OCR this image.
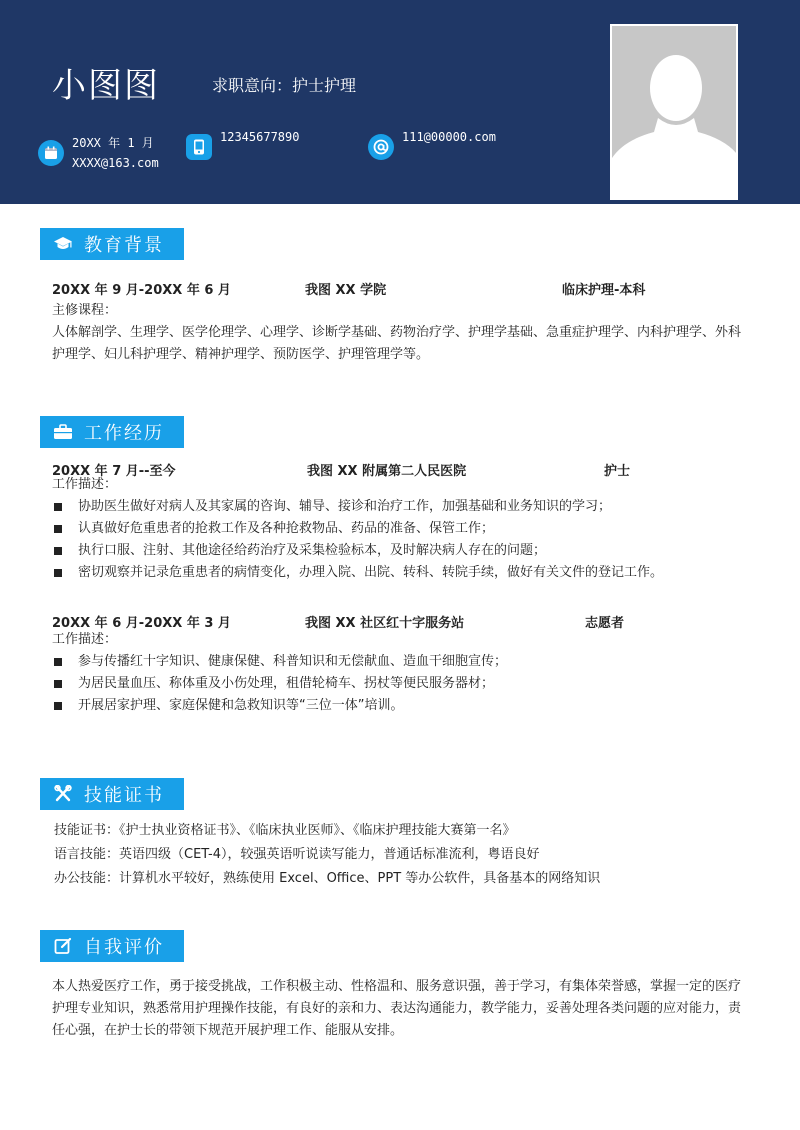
小图图	求职意向：护士护理
20XX 年 1 月
XXXX@163.com
12345677890	111@00000.com
教育背景
20XX 年 9 月-20XX 年 6 月	我图 XX 学院	临床护理-本科
主修课程：
人体解剖学、生理学、医学伦理学、心理学、诊断学基础、药物治疗学、护理学基础、急重症护理学、内科护理学、外科护理学、妇儿科护理学、精神护理学、预防医学、护理管理学等。
工作经历
20XX 年 7 月--至今	我图 XX 附属第二人民医院	护士
工作描述：
协助医生做好对病人及其家属的咨询、辅导、接诊和治疗工作，加强基础和业务知识的学习；
认真做好危重患者的抢救工作及各种抢救物品、药品的准备、保管工作；
执行口服、注射、其他途径给药治疗及采集检验标本，及时解决病人存在的问题；
密切观察并记录危重患者的病情变化，办理入院、出院、转科、转院手续，做好有关文件的登记工作。
20XX 年 6 月-20XX 年 3 月	我图 XX 社区红十字服务站	志愿者
工作描述：
参与传播红十字知识、健康保健、科普知识和无偿献血、造血干细胞宣传；
为居民量血压、称体重及小伤处理，租借轮椅车、拐杖等便民服务器材；
开展居家护理、家庭保健和急救知识等“三位一体”培训。
技能证书
技能证书：《护士执业资格证书》、《临床执业医师》、《临床护理技能大赛第一名》
语言技能：英语四级（CET-4），较强英语听说读写能力，普通话标准流利，粤语良好
办公技能：计算机水平较好，熟练使用 Excel、Office、PPT 等办公软件，具备基本的网络知识
自我评价
本人热爱医疗工作，勇于接受挑战，工作积极主动、性格温和、服务意识强，善于学习，有集体荣誉感，掌握一定的医疗护理专业知识，熟悉常用护理操作技能，有良好的亲和力、表达沟通能力，教学能力，妥善处理各类问题的应对能力，责任心强，在护士长的带领下规范开展护理工作、能服从安排。
